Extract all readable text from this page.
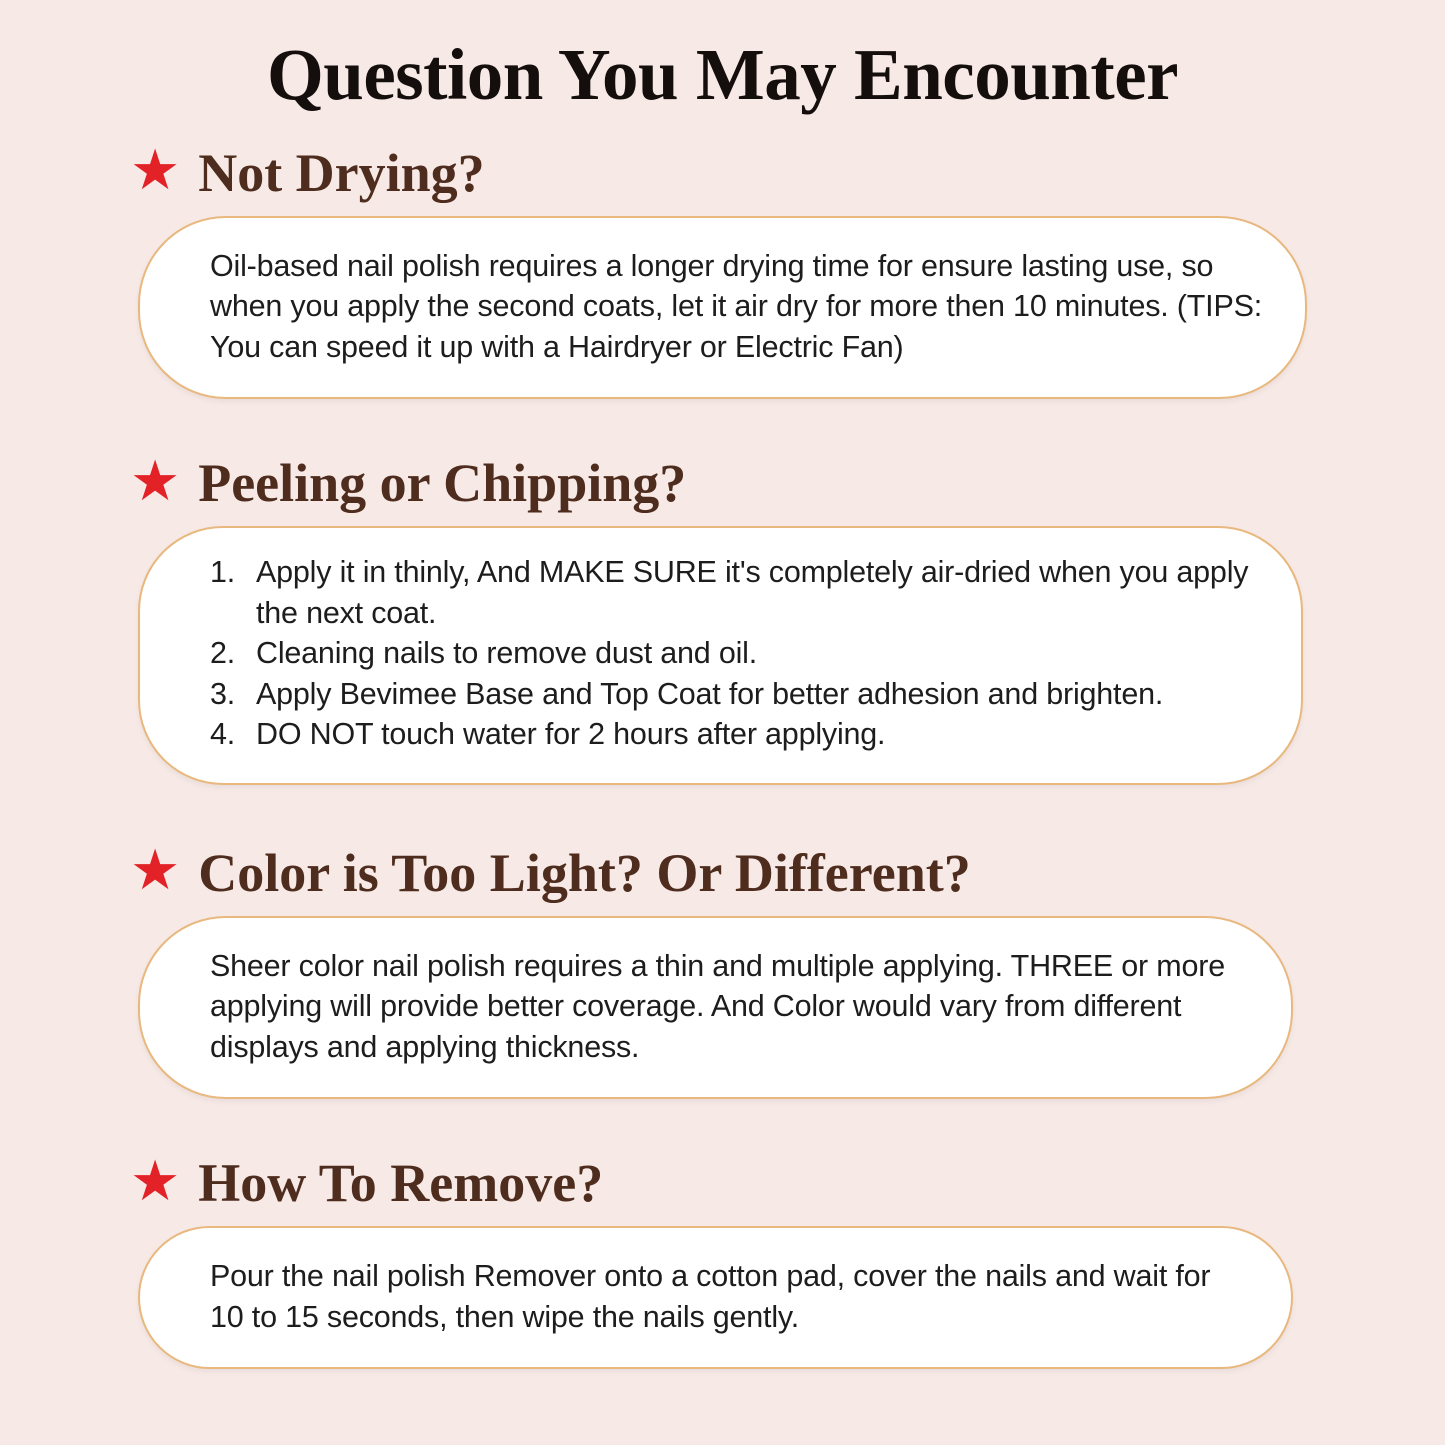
Question You May Encounter
★ Not Drying?

Oil-based nail polish requires a longer drying time for ensure lasting use, so when you apply the second coats, let it air dry for more then 10 minutes. (TIPS: You can speed it up with a Hairdryer or Electric Fan)

★ Peeling or Chipping?
1. Apply it in thinly, And MAKE SURE it's completely air-dried when you apply the next coat.
2. Cleaning nails to remove dust and oil.
3. Apply Bevimee Base and Top Coat for better adhesion and brighten.
4. DO NOT touch water for 2 hours after applying.
★ Color is Too Light? Or Different?

Sheer color nail polish requires a thin and multiple applying. THREE or more applying will provide better coverage. And Color would vary from different displays and applying thickness.

★ How To Remove?

Pour the nail polish Remover onto a cotton pad, cover the nails and wait for 10 to 15 seconds, then wipe the nails gently.
